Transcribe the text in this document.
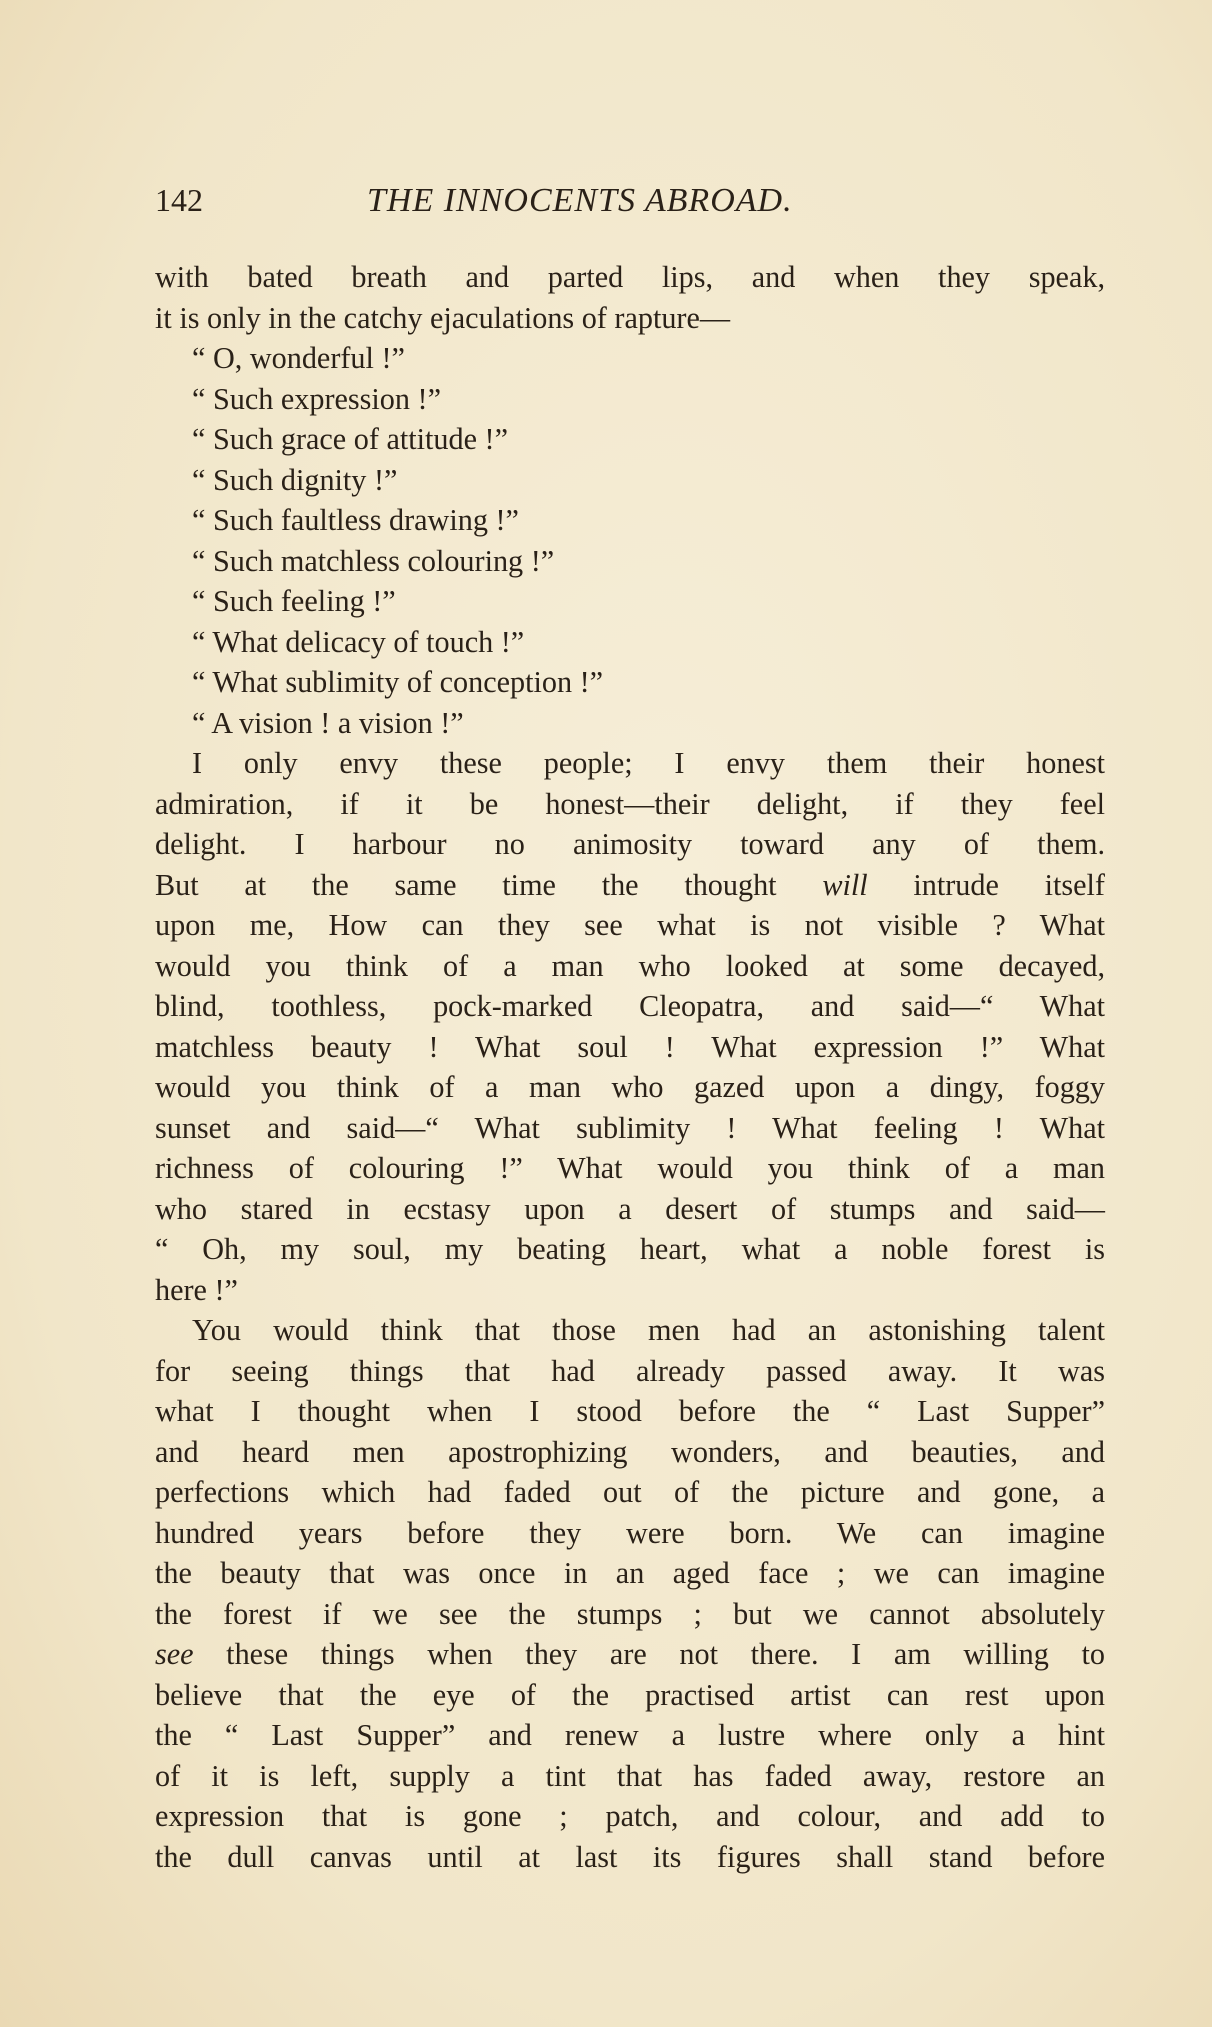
142	THE INNOCENTS ABROAD.
with bated breath and parted lips, and when they speak,
it is only in the catchy ejaculations of rapture—
“ O, wonderful !”
“ Such expression !”
“ Such grace of attitude !”
“ Such dignity !”
“ Such faultless drawing !”
“ Such matchless colouring !”
“ Such feeling !”
“ What delicacy of touch !”
“ What sublimity of conception !”
“ A vision ! a vision !”
I only envy these people; I envy them their honest
admiration, if it be honest—their delight, if they feel
delight. I harbour no animosity toward any of them.
But at the same time the thought will intrude itself
upon me, How can they see what is not visible ? What
would you think of a man who looked at some decayed,
blind, toothless, pock-marked Cleopatra, and said—“ What
matchless beauty ! What soul ! What expression !” What
would you think of a man who gazed upon a dingy, foggy
sunset and said—“ What sublimity ! What feeling ! What
richness of colouring !” What would you think of a man
who stared in ecstasy upon a desert of stumps and said—
“ Oh, my soul, my beating heart, what a noble forest is
here !”
You would think that those men had an astonishing talent
for seeing things that had already passed away. It was
what I thought when I stood before the “ Last Supper”
and heard men apostrophizing wonders, and beauties, and
perfections which had faded out of the picture and gone, a
hundred years before they were born. We can imagine
the beauty that was once in an aged face ; we can imagine
the forest if we see the stumps ; but we cannot absolutely
see these things when they are not there. I am willing to
believe that the eye of the practised artist can rest upon
the “ Last Supper” and renew a lustre where only a hint
of it is left, supply a tint that has faded away, restore an
expression that is gone ; patch, and colour, and add to
the dull canvas until at last its figures shall stand before
